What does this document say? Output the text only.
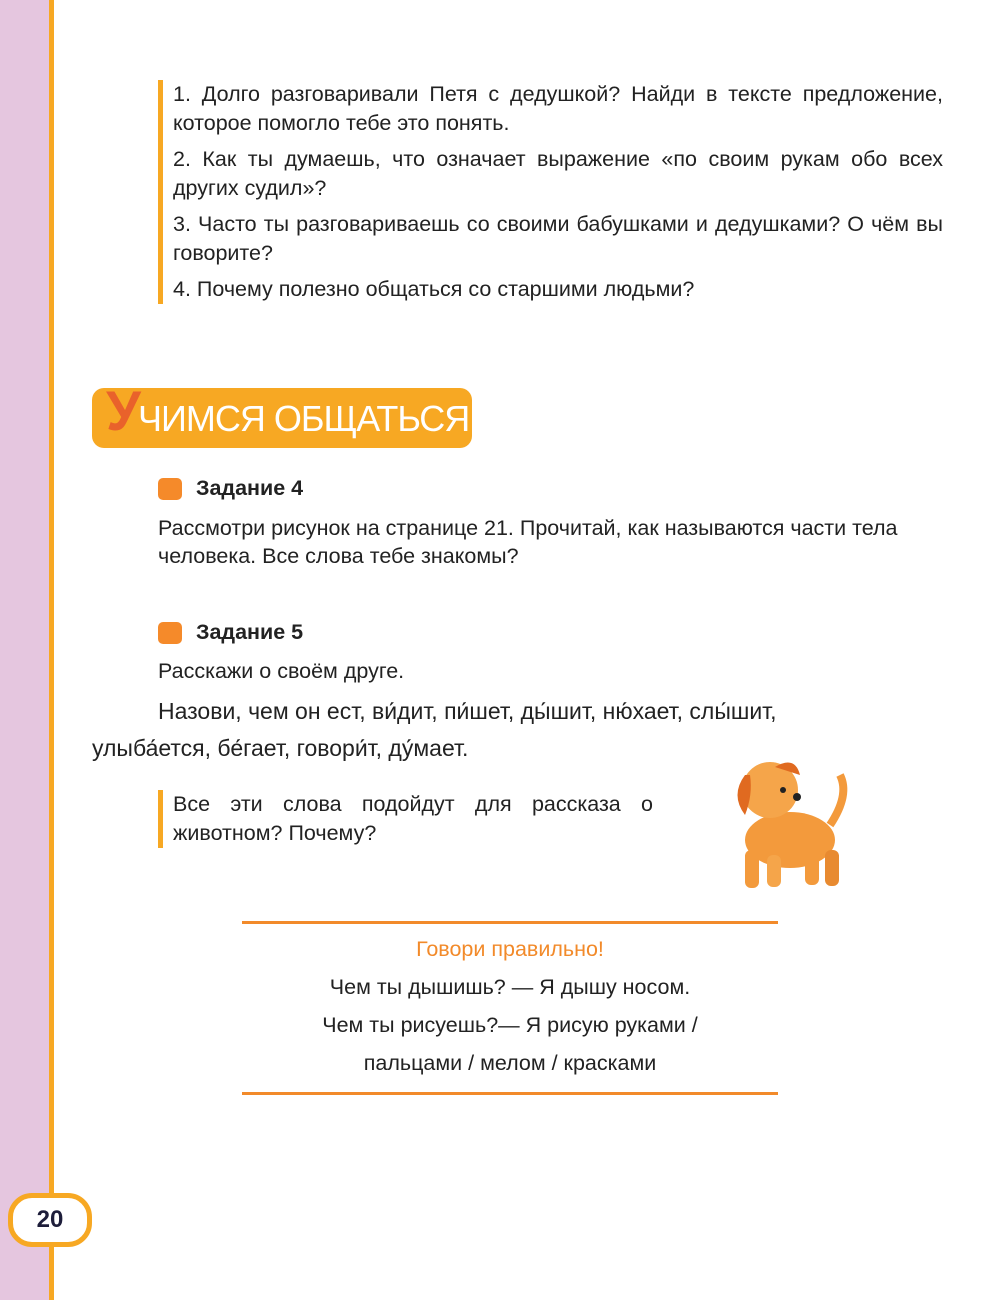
1. Долго разговаривали Петя с дедушкой? Найди в тексте предложение, которое помогло тебе это понять.

2. Как ты думаешь, что означает выражение «по своим рукам обо всех других судил»?

3. Часто ты разговариваешь со своими бабушками и дедушками? О чём вы говорите?

4. Почему полезно общаться со старшими людьми?

У
ЧИМСЯ ОБЩАТЬСЯ
Задание 4
Рассмотри рисунок на странице 21. Прочитай, как называются части тела человека. Все слова тебе знакомы?
Задание 5
Расскажи о своём друге.
Назови, чем он ест, ви́дит, пи́шет, ды́шит, ню́хает, слы́шит,
улыба́ется, бе́гает, говори́т, ду́мает.

Все эти слова подойдут для рассказа о животном? Почему?

Говори правильно!
Чем ты дышишь? — Я дышу носом.
Чем ты рисуешь?— Я рисую руками /
пальцами / мелом / красками
20
